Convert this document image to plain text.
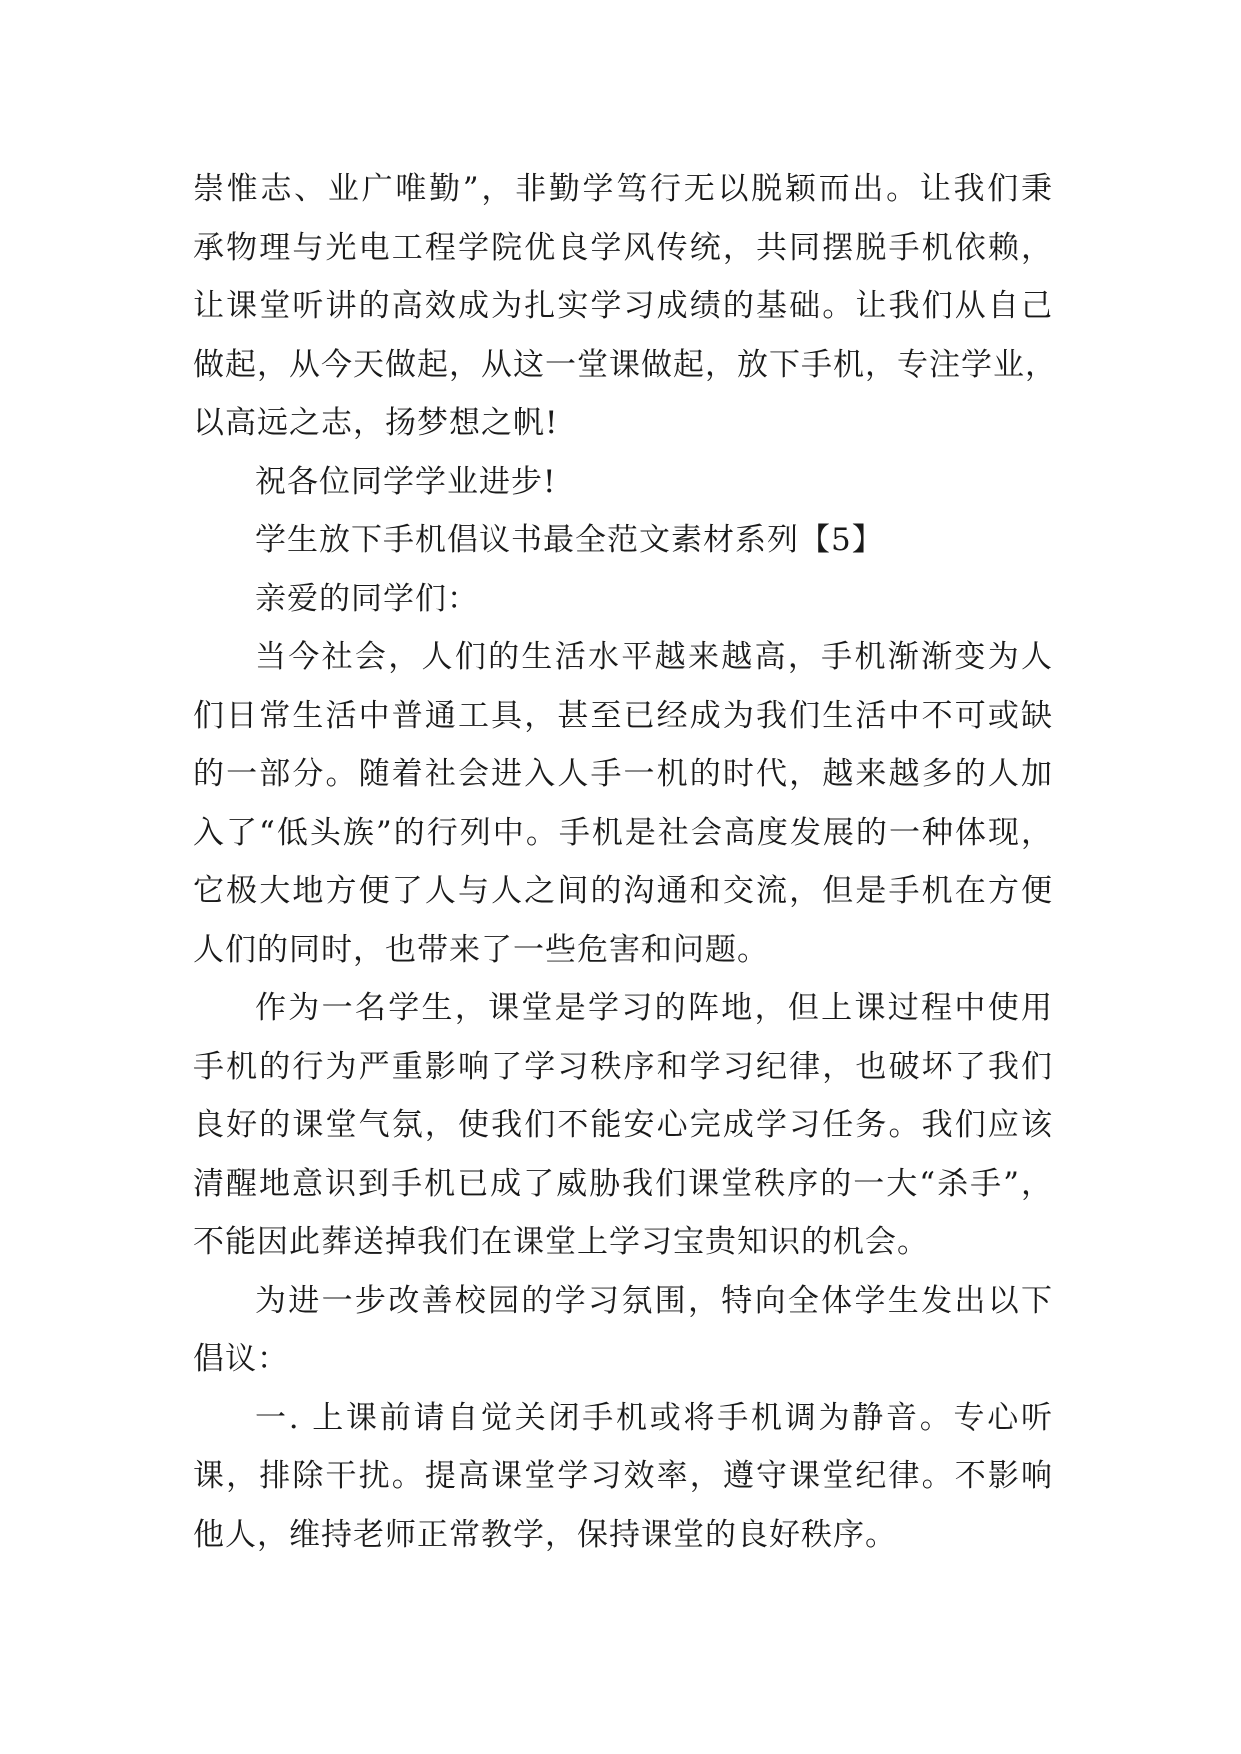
崇惟志、业广唯勤”，非勤学笃行无以脱颖而出。让我们秉
承物理与光电工程学院优良学风传统，共同摆脱手机依赖，
让课堂听讲的高效成为扎实学习成绩的基础。让我们从自己
做起，从今天做起，从这一堂课做起，放下手机，专注学业，
以高远之志，扬梦想之帆!
祝各位同学学业进步!
学生放下手机倡议书最全范文素材系列【5】
亲爱的同学们：
当今社会，人们的生活水平越来越高，手机渐渐变为人
们日常生活中普通工具，甚至已经成为我们生活中不可或缺
的一部分。随着社会进入人手一机的时代，越来越多的人加
入了“低头族”的行列中。手机是社会高度发展的一种体现，
它极大地方便了人与人之间的沟通和交流，但是手机在方便
人们的同时，也带来了一些危害和问题。
作为一名学生，课堂是学习的阵地，但上课过程中使用
手机的行为严重影响了学习秩序和学习纪律，也破坏了我们
良好的课堂气氛，使我们不能安心完成学习任务。我们应该
清醒地意识到手机已成了威胁我们课堂秩序的一大“杀手”，
不能因此葬送掉我们在课堂上学习宝贵知识的机会。
为进一步改善校园的学习氛围，特向全体学生发出以下
倡议：
一. 上课前请自觉关闭手机或将手机调为静音。专心听
课，排除干扰。提高课堂学习效率，遵守课堂纪律。不影响
他人，维持老师正常教学，保持课堂的良好秩序。
